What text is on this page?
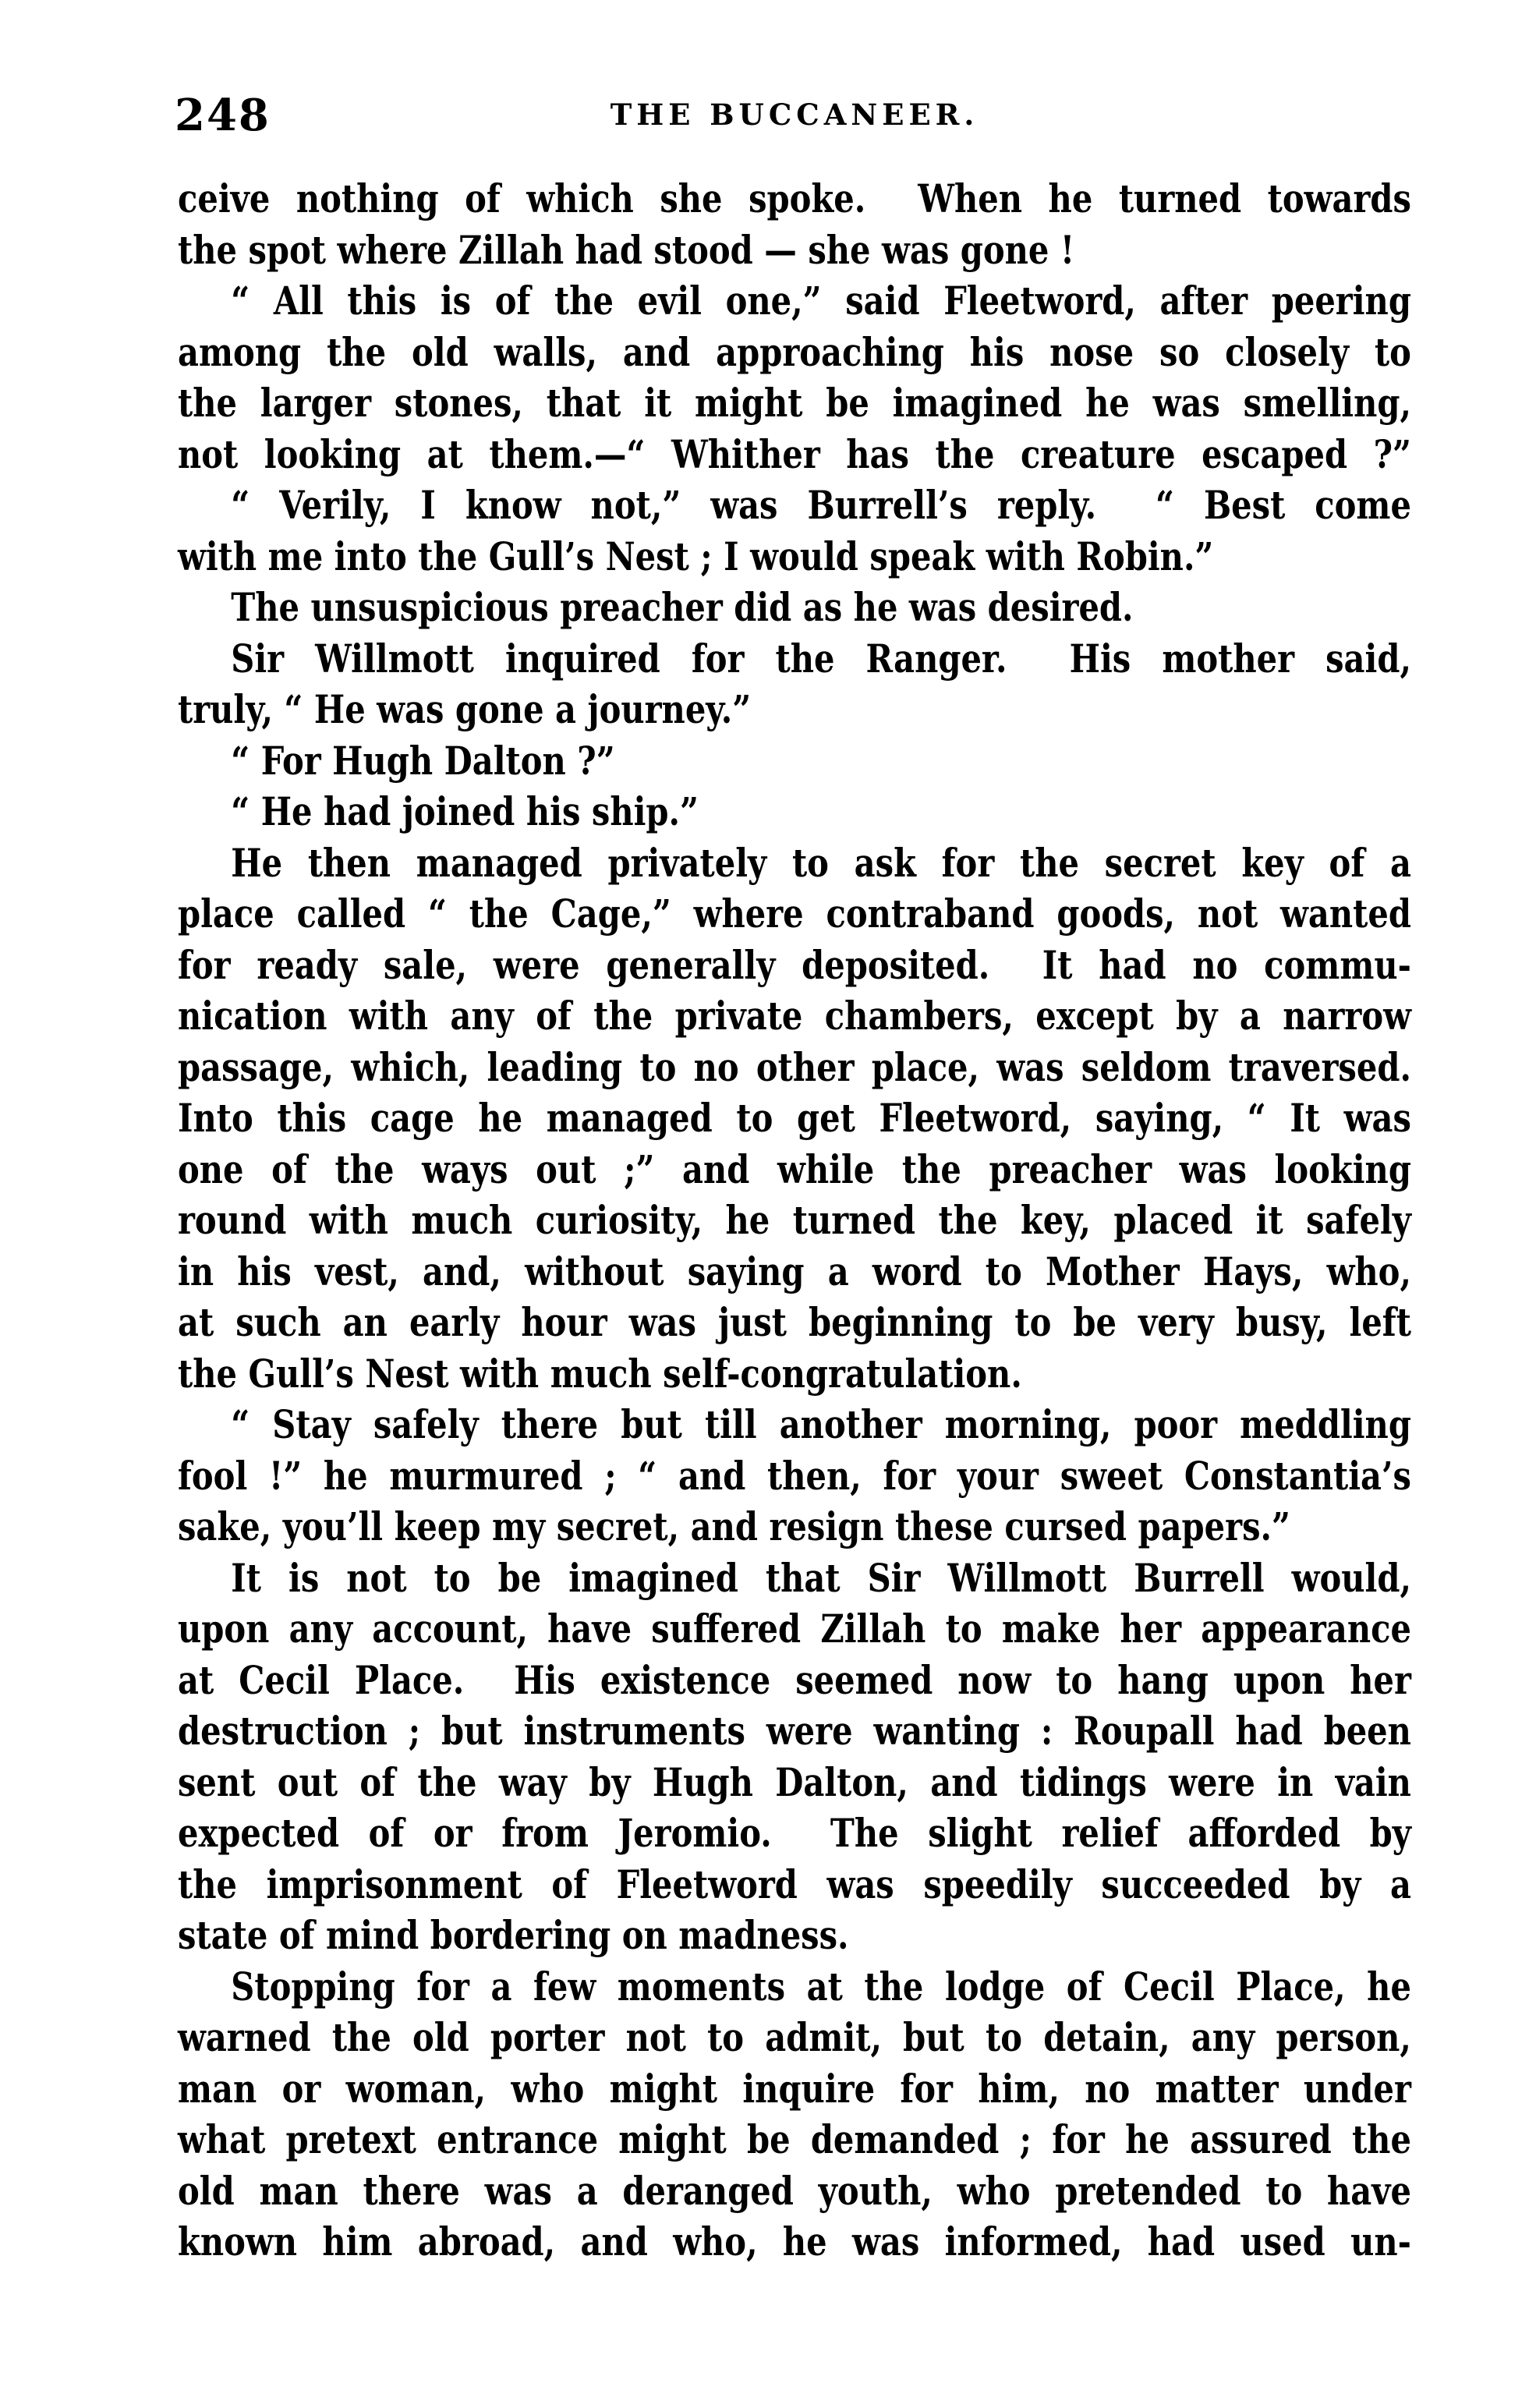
248	THE BUCCANEER.
ceive nothing of which she spoke.  When he turned towards
the spot where Zillah had stood — she was gone !
“ All this is of the evil one,” said Fleetword, after peering
among the old walls, and approaching his nose so closely to
the larger stones, that it might be imagined he was smelling,
not looking at them.—“ Whither has the creature escaped ?”
“ Verily, I know not,” was Burrell’s reply.  “ Best come
with me into the Gull’s Nest ; I would speak with Robin.”
The unsuspicious preacher did as he was desired.
Sir Willmott inquired for the Ranger.  His mother said,
truly, “ He was gone a journey.”
“ For Hugh Dalton ?”
“ He had joined his ship.”
He then managed privately to ask for the secret key of a
place called “ the Cage,” where contraband goods, not wanted
for ready sale, were generally deposited.  It had no commu-
nication with any of the private chambers, except by a narrow
passage, which, leading to no other place, was seldom traversed.
Into this cage he managed to get Fleetword, saying, “ It was
one of the ways out ;” and while the preacher was looking
round with much curiosity, he turned the key, placed it safely
in his vest, and, without saying a word to Mother Hays, who,
at such an early hour was just beginning to be very busy, left
the Gull’s Nest with much self-congratulation.
“ Stay safely there but till another morning, poor meddling
fool !” he murmured ; “ and then, for your sweet Constantia’s
sake, you’ll keep my secret, and resign these cursed papers.”
It is not to be imagined that Sir Willmott Burrell would,
upon any account, have suffered Zillah to make her appearance
at Cecil Place.  His existence seemed now to hang upon her
destruction ; but instruments were wanting : Roupall had been
sent out of the way by Hugh Dalton, and tidings were in vain
expected of or from Jeromio.  The slight relief afforded by
the imprisonment of Fleetword was speedily succeeded by a
state of mind bordering on madness.
Stopping for a few moments at the lodge of Cecil Place, he
warned the old porter not to admit, but to detain, any person,
man or woman, who might inquire for him, no matter under
what pretext entrance might be demanded ; for he assured the
old man there was a deranged youth, who pretended to have
known him abroad, and who, he was informed, had used un-
